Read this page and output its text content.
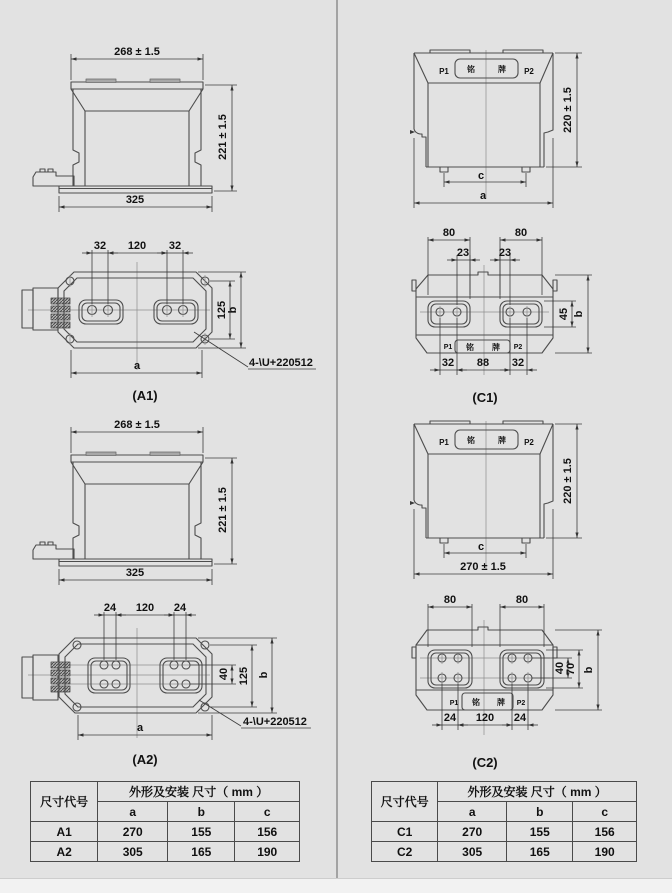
268 ± 1.5
221 ± 1.5
325
32 120 32
125 b
a	4-\U+220512
(A1)
268 ± 1.5
221 ± 1.5
325
24 120 24
40 125 b
a	4-\U+220512
(A2)
P1 铭	牌 P2
c
a
220 ± 1.5
80	80
23	23
45 b
32 88 32
P1 铭 牌 P2
(C1)
P1 铭	牌 P2
c
270 ± 1.5
220 ± 1.5
80	80
40 70 b
24 120 24
P1 铭 牌 P2
(C2)
尺寸代号	外形及安装 尺寸（ mm ）		
	a	b	c
A1	270	155	156
A2	305	165	190
尺寸代号	外形及安装 尺寸（ mm ）		
	a	b	c
C1	270	155	156
C2	305	165	190
